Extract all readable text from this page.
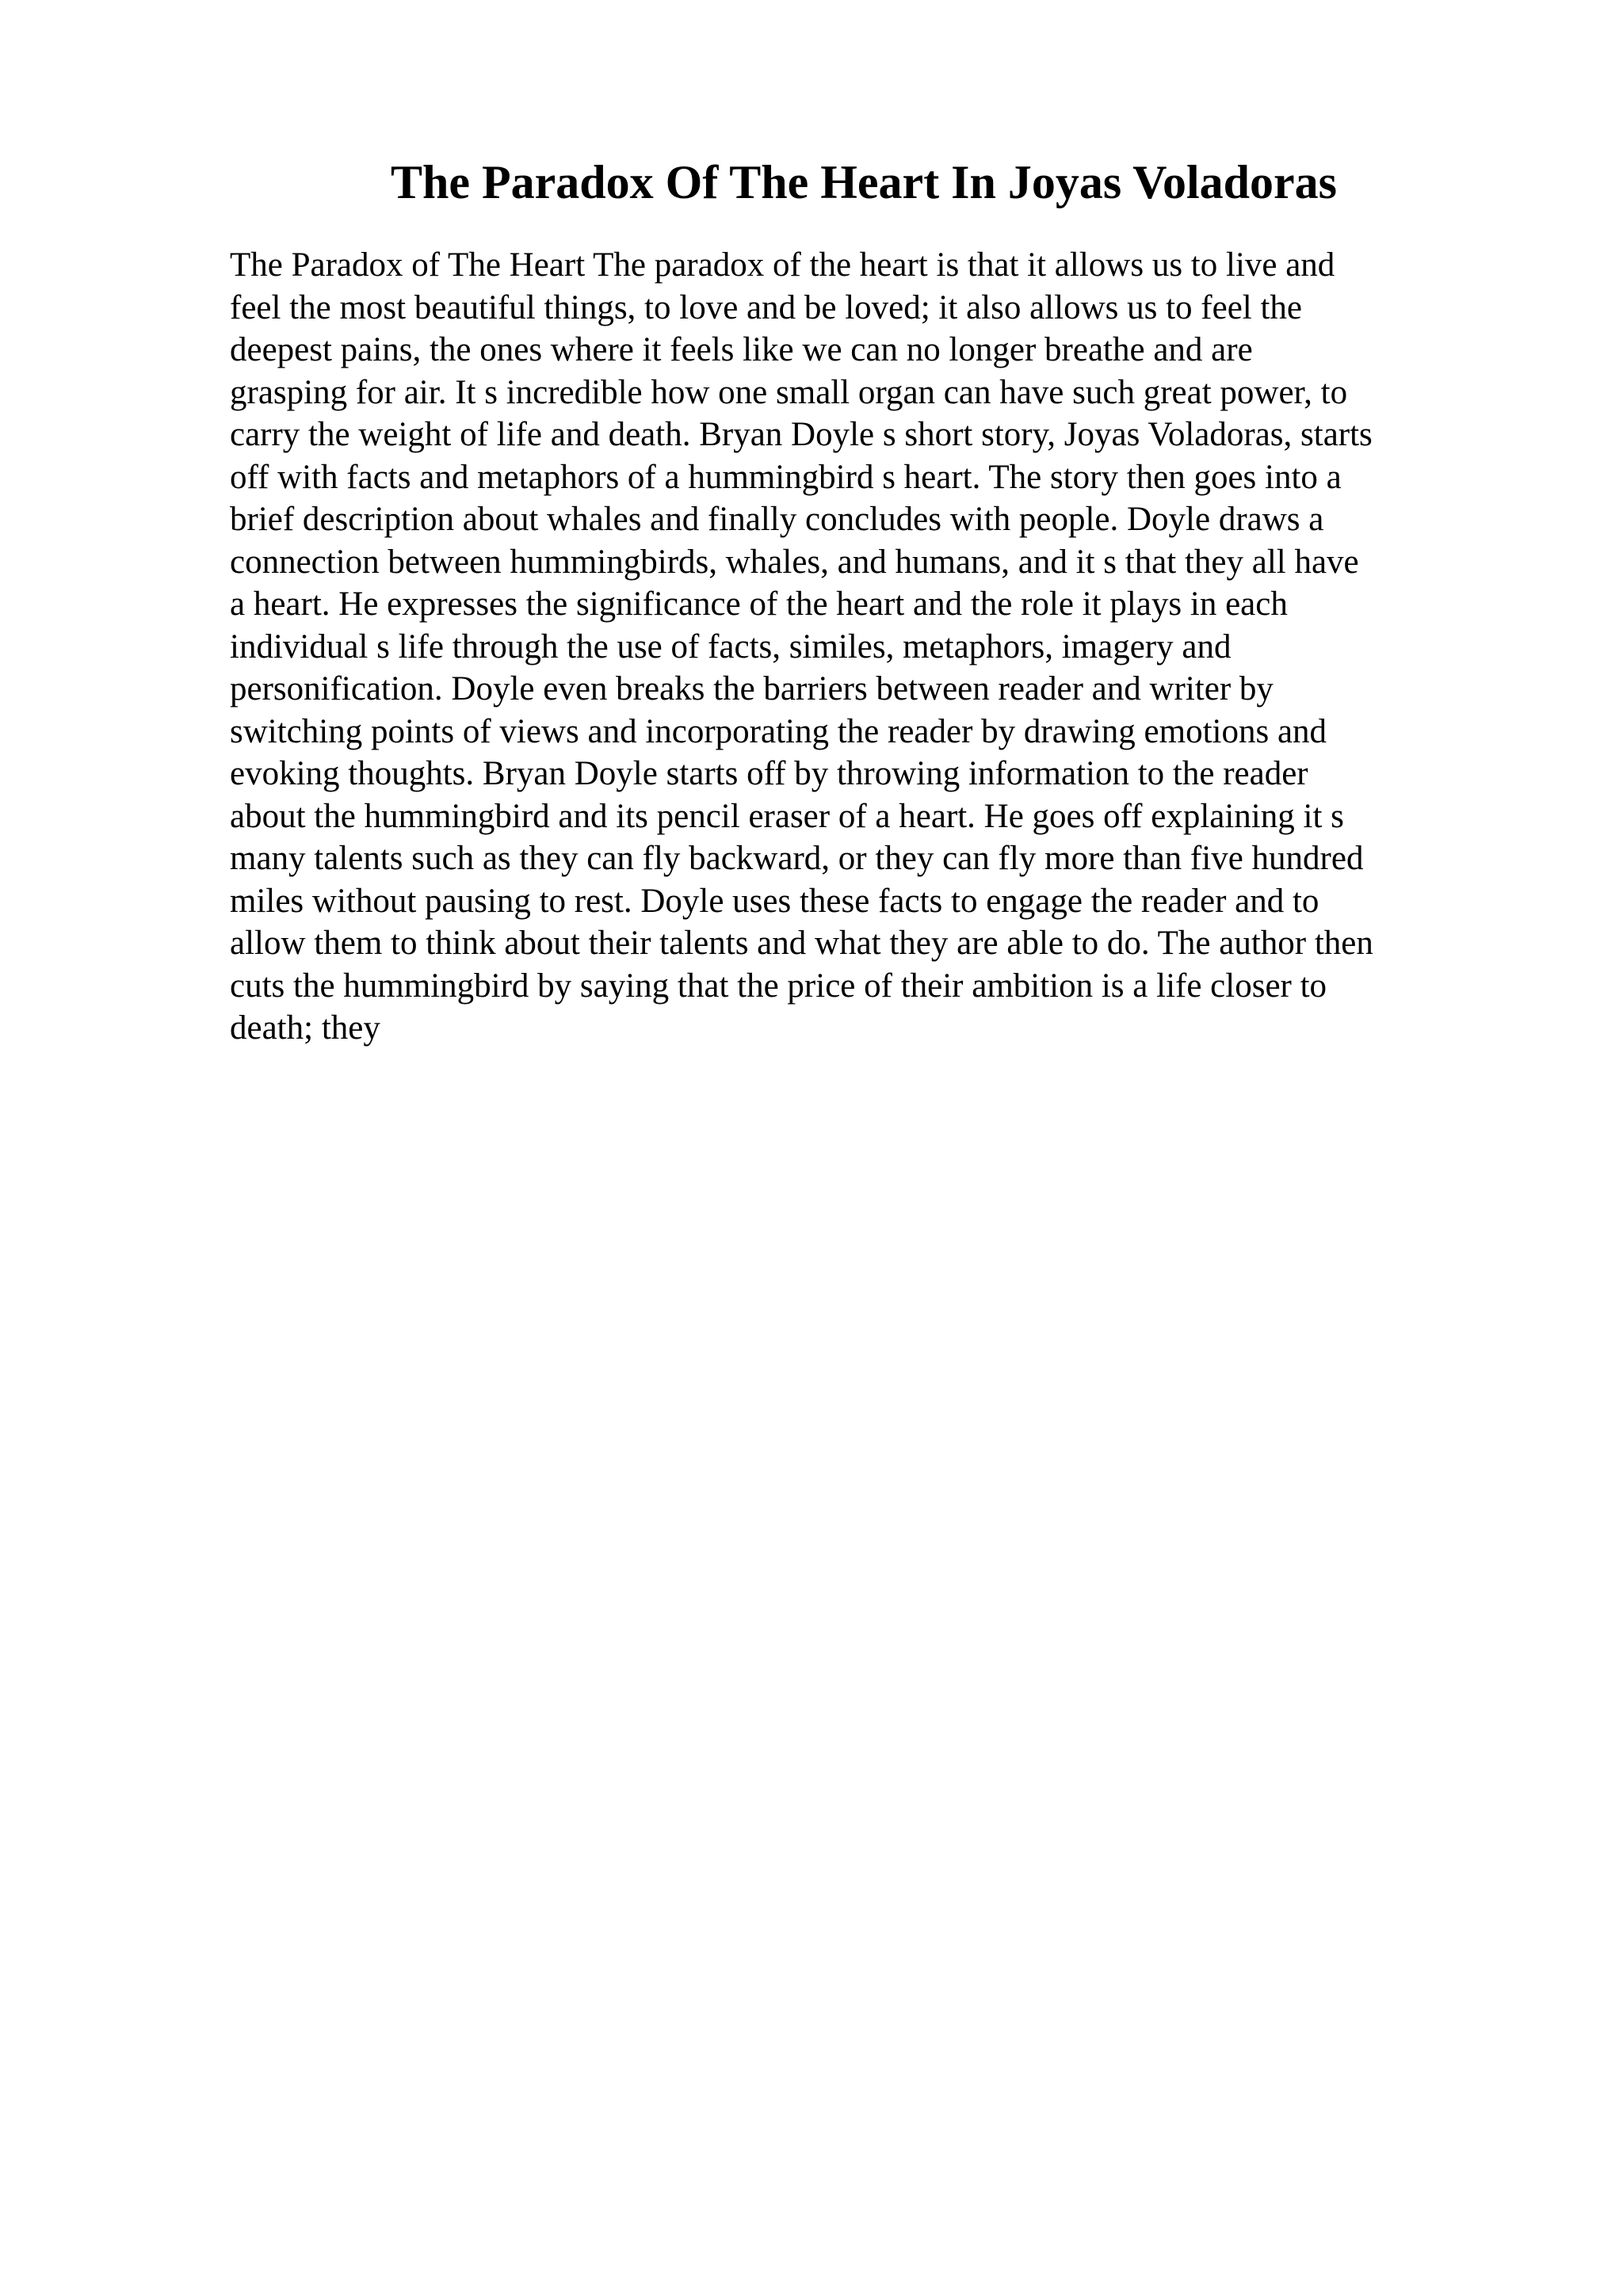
The Paradox Of The Heart In Joyas Voladoras
The Paradox of The Heart The paradox of the heart is that it allows us to live and
feel the most beautiful things, to love and be loved; it also allows us to feel the
deepest pains, the ones where it feels like we can no longer breathe and are
grasping for air. It s incredible how one small organ can have such great power, to
carry the weight of life and death. Bryan Doyle s short story, Joyas Voladoras, starts
off with facts and metaphors of a hummingbird s heart. The story then goes into a
brief description about whales and finally concludes with people. Doyle draws a
connection between hummingbirds, whales, and humans, and it s that they all have
a heart. He expresses the significance of the heart and the role it plays in each
individual s life through the use of facts, similes, metaphors, imagery and
personification. Doyle even breaks the barriers between reader and writer by
switching points of views and incorporating the reader by drawing emotions and
evoking thoughts. Bryan Doyle starts off by throwing information to the reader
about the hummingbird and its pencil eraser of a heart. He goes off explaining it s
many talents such as they can fly backward, or they can fly more than five hundred
miles without pausing to rest. Doyle uses these facts to engage the reader and to
allow them to think about their talents and what they are able to do. The author then
cuts the hummingbird by saying that the price of their ambition is a life closer to
death; they
